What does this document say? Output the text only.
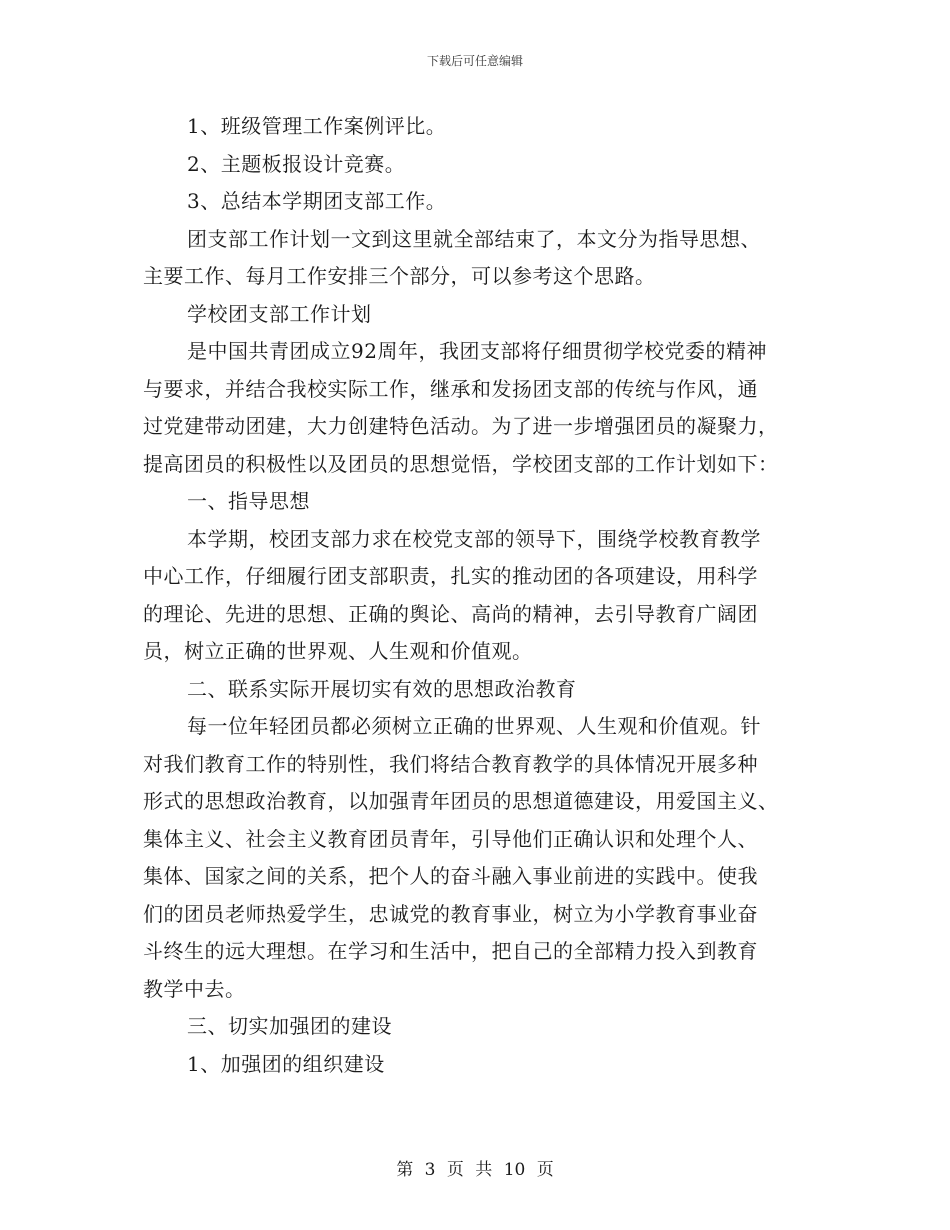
下载后可任意编辑
1、班级管理工作案例评比。
2、主题板报设计竞赛。
3、总结本学期团支部工作。
团支部工作计划一文到这里就全部结束了，本文分为指导思想、
主要工作、每月工作安排三个部分，可以参考这个思路。
学校团支部工作计划
是中国共青团成立92周年，我团支部将仔细贯彻学校党委的精神
与要求，并结合我校实际工作，继承和发扬团支部的传统与作风，通
过党建带动团建，大力创建特色活动。为了进一步增强团员的凝聚力，
提高团员的积极性以及团员的思想觉悟，学校团支部的工作计划如下：
一、指导思想
本学期，校团支部力求在校党支部的领导下，围绕学校教育教学
中心工作，仔细履行团支部职责，扎实的推动团的各项建设，用科学
的理论、先进的思想、正确的舆论、高尚的精神，去引导教育广阔团
员，树立正确的世界观、人生观和价值观。
二、联系实际开展切实有效的思想政治教育
每一位年轻团员都必须树立正确的世界观、人生观和价值观。针
对我们教育工作的特别性，我们将结合教育教学的具体情况开展多种
形式的思想政治教育，以加强青年团员的思想道德建设，用爱国主义、
集体主义、社会主义教育团员青年，引导他们正确认识和处理个人、
集体、国家之间的关系，把个人的奋斗融入事业前进的实践中。使我
们的团员老师热爱学生，忠诚党的教育事业，树立为小学教育事业奋
斗终生的远大理想。在学习和生活中，把自己的全部精力投入到教育
教学中去。
三、切实加强团的建设
1、加强团的组织建设
第 3 页 共 10 页
